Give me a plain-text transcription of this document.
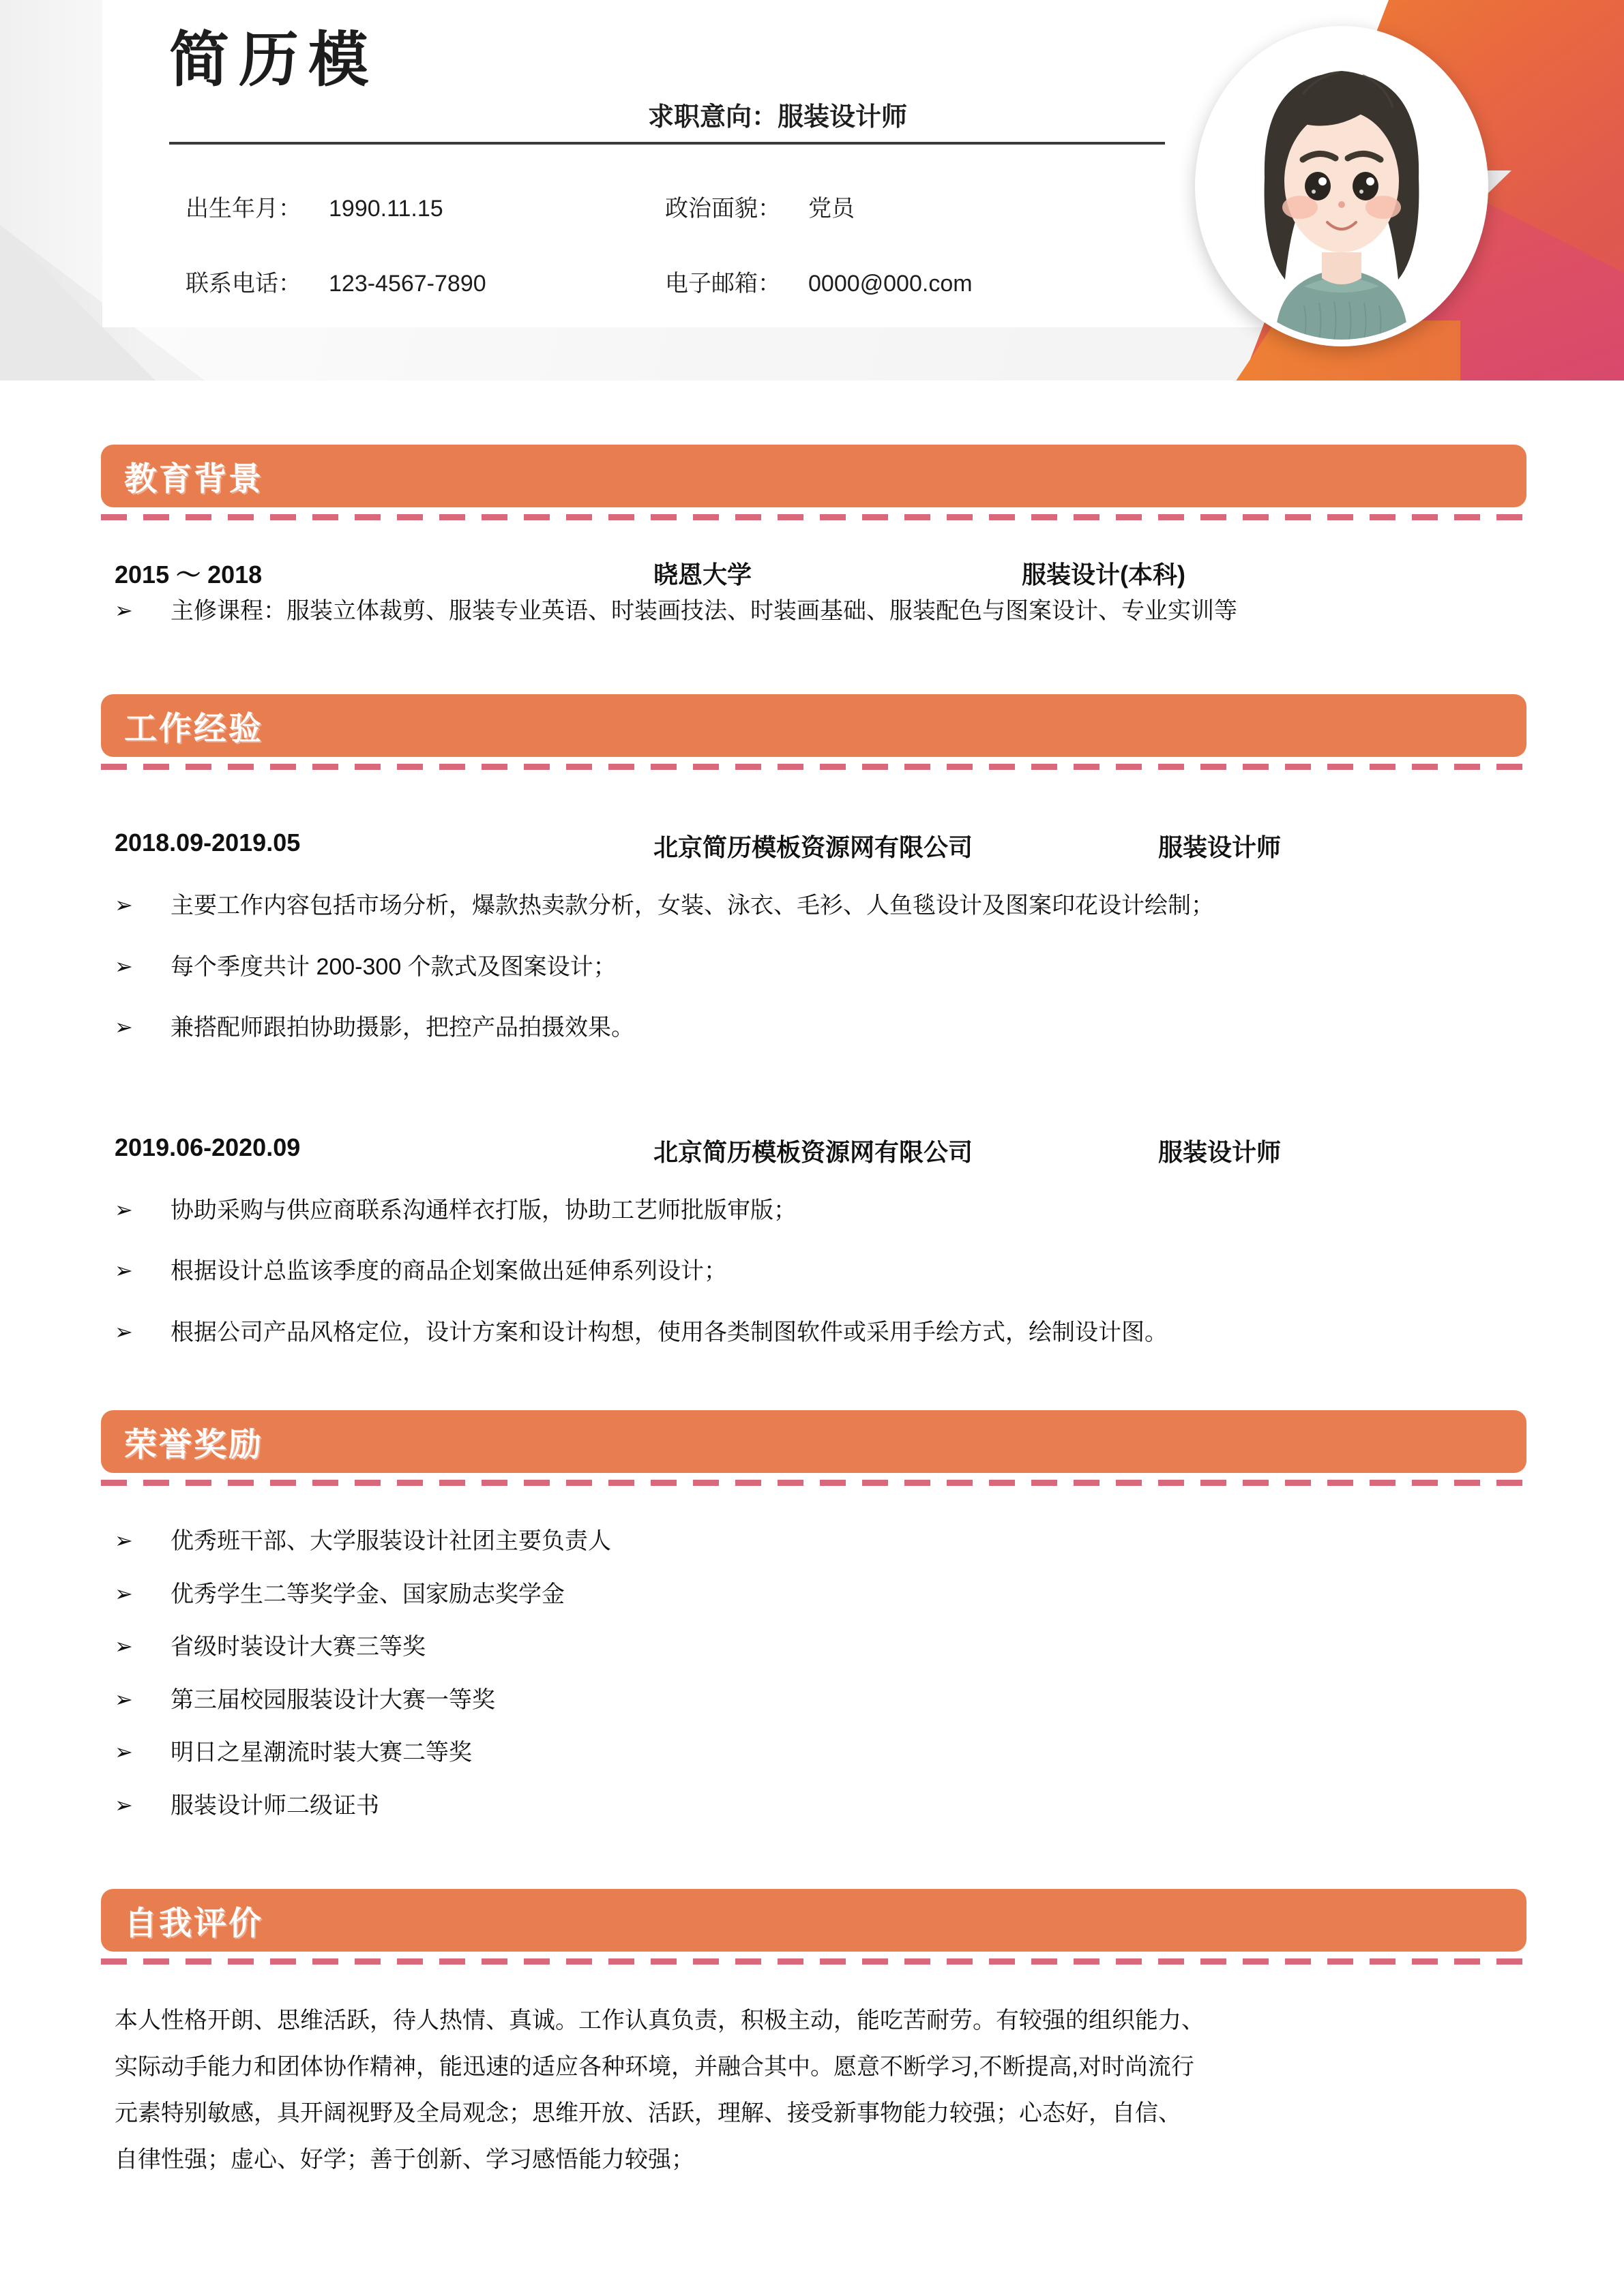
简历模
求职意向：服装设计师
出生年月： 1990.11.15	政治面貌： 党员
联系电话： 123-4567-7890	电子邮箱： 0000@000.com
教育背景
2015 ～ 2018	晓恩大学	服装设计(本科)
➢ 主修课程：服装立体裁剪、服装专业英语、时装画技法、时装画基础、服装配色与图案设计、专业实训等
工作经验
2018.09-2019.05	北京简历模板资源网有限公司	服装设计师
➢ 主要工作内容包括市场分析，爆款热卖款分析，女装、泳衣、毛衫、人鱼毯设计及图案印花设计绘制；
➢ 每个季度共计 200-300 个款式及图案设计；
➢ 兼搭配师跟拍协助摄影，把控产品拍摄效果。
2019.06-2020.09	北京简历模板资源网有限公司	服装设计师
➢ 协助采购与供应商联系沟通样衣打版，协助工艺师批版审版；
➢ 根据设计总监该季度的商品企划案做出延伸系列设计；
➢ 根据公司产品风格定位，设计方案和设计构想，使用各类制图软件或采用手绘方式，绘制设计图。
荣誉奖励
➢ 优秀班干部、大学服装设计社团主要负责人
➢ 优秀学生二等奖学金、国家励志奖学金
➢ 省级时装设计大赛三等奖
➢ 第三届校园服装设计大赛一等奖
➢ 明日之星潮流时装大赛二等奖
➢ 服装设计师二级证书
自我评价
本人性格开朗、思维活跃，待人热情、真诚。工作认真负责，积极主动，能吃苦耐劳。有较强的组织能力、
实际动手能力和团体协作精神，能迅速的适应各种环境，并融合其中。愿意不断学习,不断提高,对时尚流行
元素特别敏感，具开阔视野及全局观念；思维开放、活跃，理解、接受新事物能力较强；心态好，自信、
自律性强；虚心、好学；善于创新、学习感悟能力较强；
